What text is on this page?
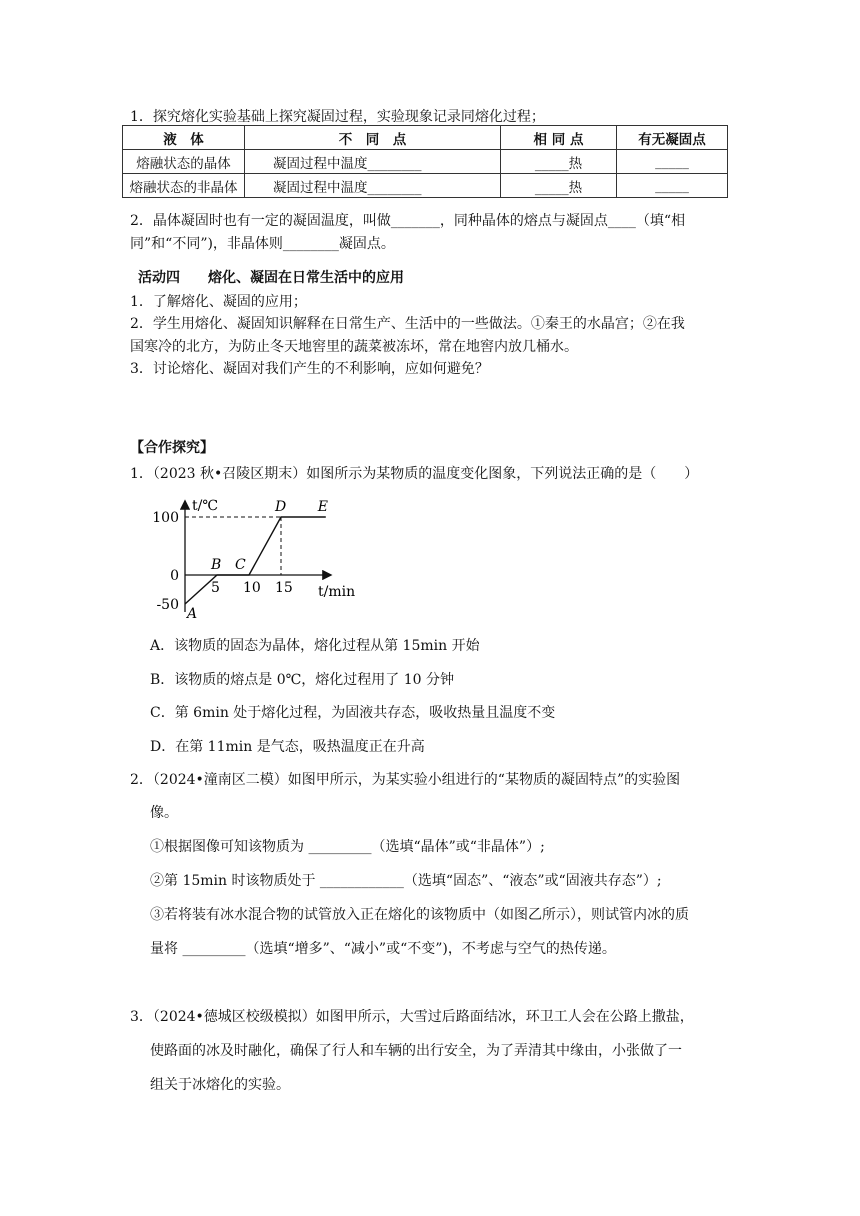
1．探究熔化实验基础上探究凝固过程，实验现象记录同熔化过程；
液　体	不　同　点	相 同 点	有无凝固点
熔融状态的晶体	凝固过程中温度________	_____热	_____
熔融状态的非晶体	凝固过程中温度________	_____热	_____
2．晶体凝固时也有一定的凝固温度，叫做_______，同种晶体的熔点与凝固点____（填“相
同”和“不同”)，非晶体则________凝固点。
活动四　　熔化、凝固在日常生活中的应用
1．了解熔化、凝固的应用；
2．学生用熔化、凝固知识解释在日常生产、生活中的一些做法。①秦王的水晶宫；②在我
国寒冷的北方，为防止冬天地窖里的蔬菜被冻坏，常在地窖内放几桶水。
3．讨论熔化、凝固对我们产生的不利影响，应如何避免？
【合作探究】
1．（2023 秋•召陵区期末）如图所示为某物质的温度变化图象，下列说法正确的是（　　）
t/℃
t/min
A
B C
D E
5 10 15
100
0
-50
A．该物质的固态为晶体，熔化过程从第 15min 开始
B．该物质的熔点是 0℃，熔化过程用了 10 分钟
C．第 6min 处于熔化过程，为固液共存态，吸收热量且温度不变
D．在第 11min 是气态，吸热温度正在升高
2．（2024•潼南区二模）如图甲所示，为某实验小组进行的“某物质的凝固特点”的实验图
像。
①根据图像可知该物质为 _________（选填“晶体”或“非晶体”）;
②第 15min 时该物质处于 ____________（选填“固态”、“液态”或“固液共存态”）;
③若将装有冰水混合物的试管放入正在熔化的该物质中（如图乙所示），则试管内冰的质
量将 _________（选填“增多”、“减小”或“不变”)，不考虑与空气的热传递。
3．（2024•德城区校级模拟）如图甲所示，大雪过后路面结冰，环卫工人会在公路上撒盐，
使路面的冰及时融化，确保了行人和车辆的出行安全，为了弄清其中缘由，小张做了一
组关于冰熔化的实验。
